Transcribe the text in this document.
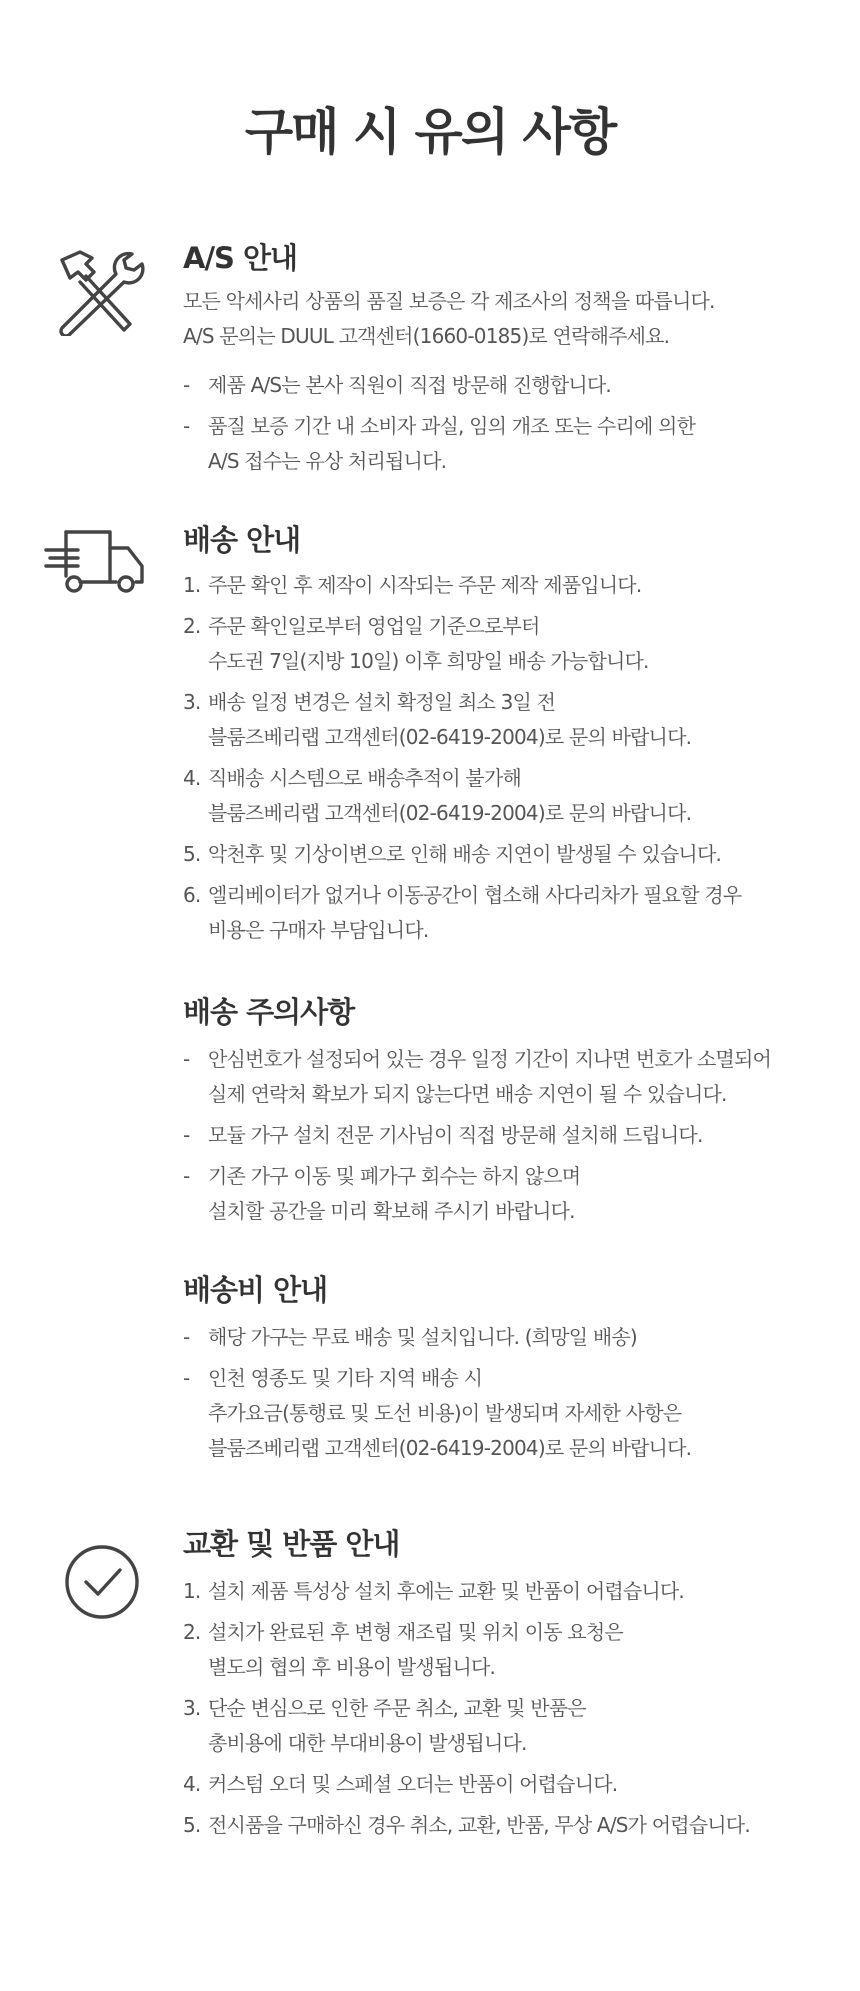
구매 시 유의 사항
A/S 안내

모든 악세사리 상품의 품질 보증은 각 제조사의 정책을 따릅니다.
A/S 문의는 DUUL 고객센터(1660-0185)로 연락해주세요.

- 제품 A/S는 본사 직원이 직접 방문해 진행합니다.
- 품질 보증 기간 내 소비자 과실, 임의 개조 또는 수리에 의한
A/S 접수는 유상 처리됩니다.
배송 안내
1. 주문 확인 후 제작이 시작되는 주문 제작 제품입니다.
2. 주문 확인일로부터 영업일 기준으로부터
수도권 7일(지방 10일) 이후 희망일 배송 가능합니다.
3. 배송 일정 변경은 설치 확정일 최소 3일 전
블룸즈베리랩 고객센터(02-6419-2004)로 문의 바랍니다.
4. 직배송 시스템으로 배송추적이 불가해
블룸즈베리랩 고객센터(02-6419-2004)로 문의 바랍니다.
5. 악천후 및 기상이변으로 인해 배송 지연이 발생될 수 있습니다.
6. 엘리베이터가 없거나 이동공간이 협소해 사다리차가 필요할 경우
비용은 구매자 부담입니다.
배송 주의사항
- 안심번호가 설정되어 있는 경우 일정 기간이 지나면 번호가 소멸되어
실제 연락처 확보가 되지 않는다면 배송 지연이 될 수 있습니다.
- 모듈 가구 설치 전문 기사님이 직접 방문해 설치해 드립니다.
- 기존 가구 이동 및 폐가구 회수는 하지 않으며
설치할 공간을 미리 확보해 주시기 바랍니다.
배송비 안내
- 해당 가구는 무료 배송 및 설치입니다. (희망일 배송)
- 인천 영종도 및 기타 지역 배송 시
추가요금(통행료 및 도선 비용)이 발생되며 자세한 사항은
블룸즈베리랩 고객센터(02-6419-2004)로 문의 바랍니다.
교환 및 반품 안내
1. 설치 제품 특성상 설치 후에는 교환 및 반품이 어렵습니다.
2. 설치가 완료된 후 변형 재조립 및 위치 이동 요청은
별도의 협의 후 비용이 발생됩니다.
3. 단순 변심으로 인한 주문 취소, 교환 및 반품은
총비용에 대한 부대비용이 발생됩니다.
4. 커스텀 오더 및 스페셜 오더는 반품이 어렵습니다.
5. 전시품을 구매하신 경우 취소, 교환, 반품, 무상 A/S가 어렵습니다.
